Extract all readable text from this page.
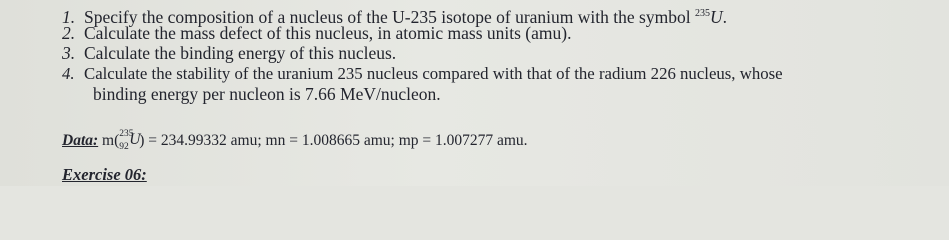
1. Specify the composition of a nucleus of the U-235 isotope of uranium with the symbol $^{235}$U.
2. Calculate the mass defect of this nucleus, in atomic mass units (amu).
3. Calculate the binding energy of this nucleus.
4. Calculate the stability of the uranium 235 nucleus compared with that of the radium 226 nucleus, whose
binding energy per nucleon is 7.66 MeV/nucleon.
Data: m( 235
92 U
) = 234.99332 amu; mn = 1.008665 amu; mp = 1.007277 amu.
Exercise 06:
